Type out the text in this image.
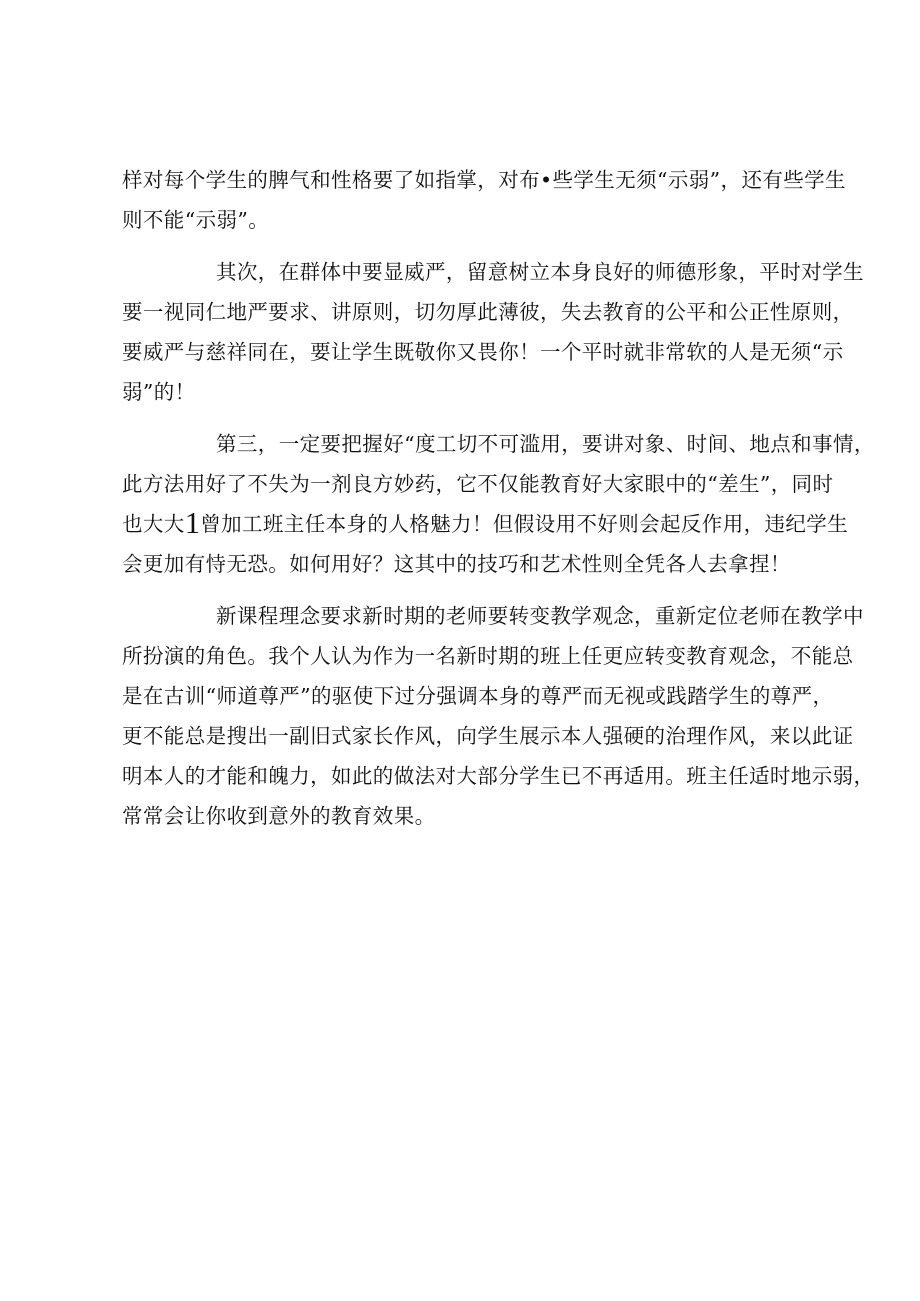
样对每个学生的脾气和性格要了如指掌，对布•些学生无须“示弱”，还有些学生
则不能“示弱”。
其次，在群体中要显威严，留意树立本身良好的师德形象，平时对学生
要一视同仁地严要求、讲原则，切勿厚此薄彼，失去教育的公平和公正性原则，
要威严与慈祥同在，要让学生既敬你又畏你！一个平时就非常软的人是无须“示
弱”的！
第三，一定要把握好“度工切不可滥用，要讲对象、时间、地点和事情，
此方法用好了不失为一剂良方妙药，它不仅能教育好大家眼中的“差生”，同时
也大大1曾加工班主任本身的人格魅力！但假设用不好则会起反作用，违纪学生
会更加有恃无恐。如何用好？这其中的技巧和艺术性则全凭各人去拿捏！
新课程理念要求新时期的老师要转变教学观念，重新定位老师在教学中
所扮演的角色。我个人认为作为一名新时期的班上任更应转变教育观念，不能总
是在古训“师道尊严”的驱使下过分强调本身的尊严而无视或践踏学生的尊严，
更不能总是搜出一副旧式家长作风，向学生展示本人强硬的治理作风，来以此证
明本人的才能和魄力，如此的做法对大部分学生已不再适用。班主任适时地示弱，
常常会让你收到意外的教育效果。
